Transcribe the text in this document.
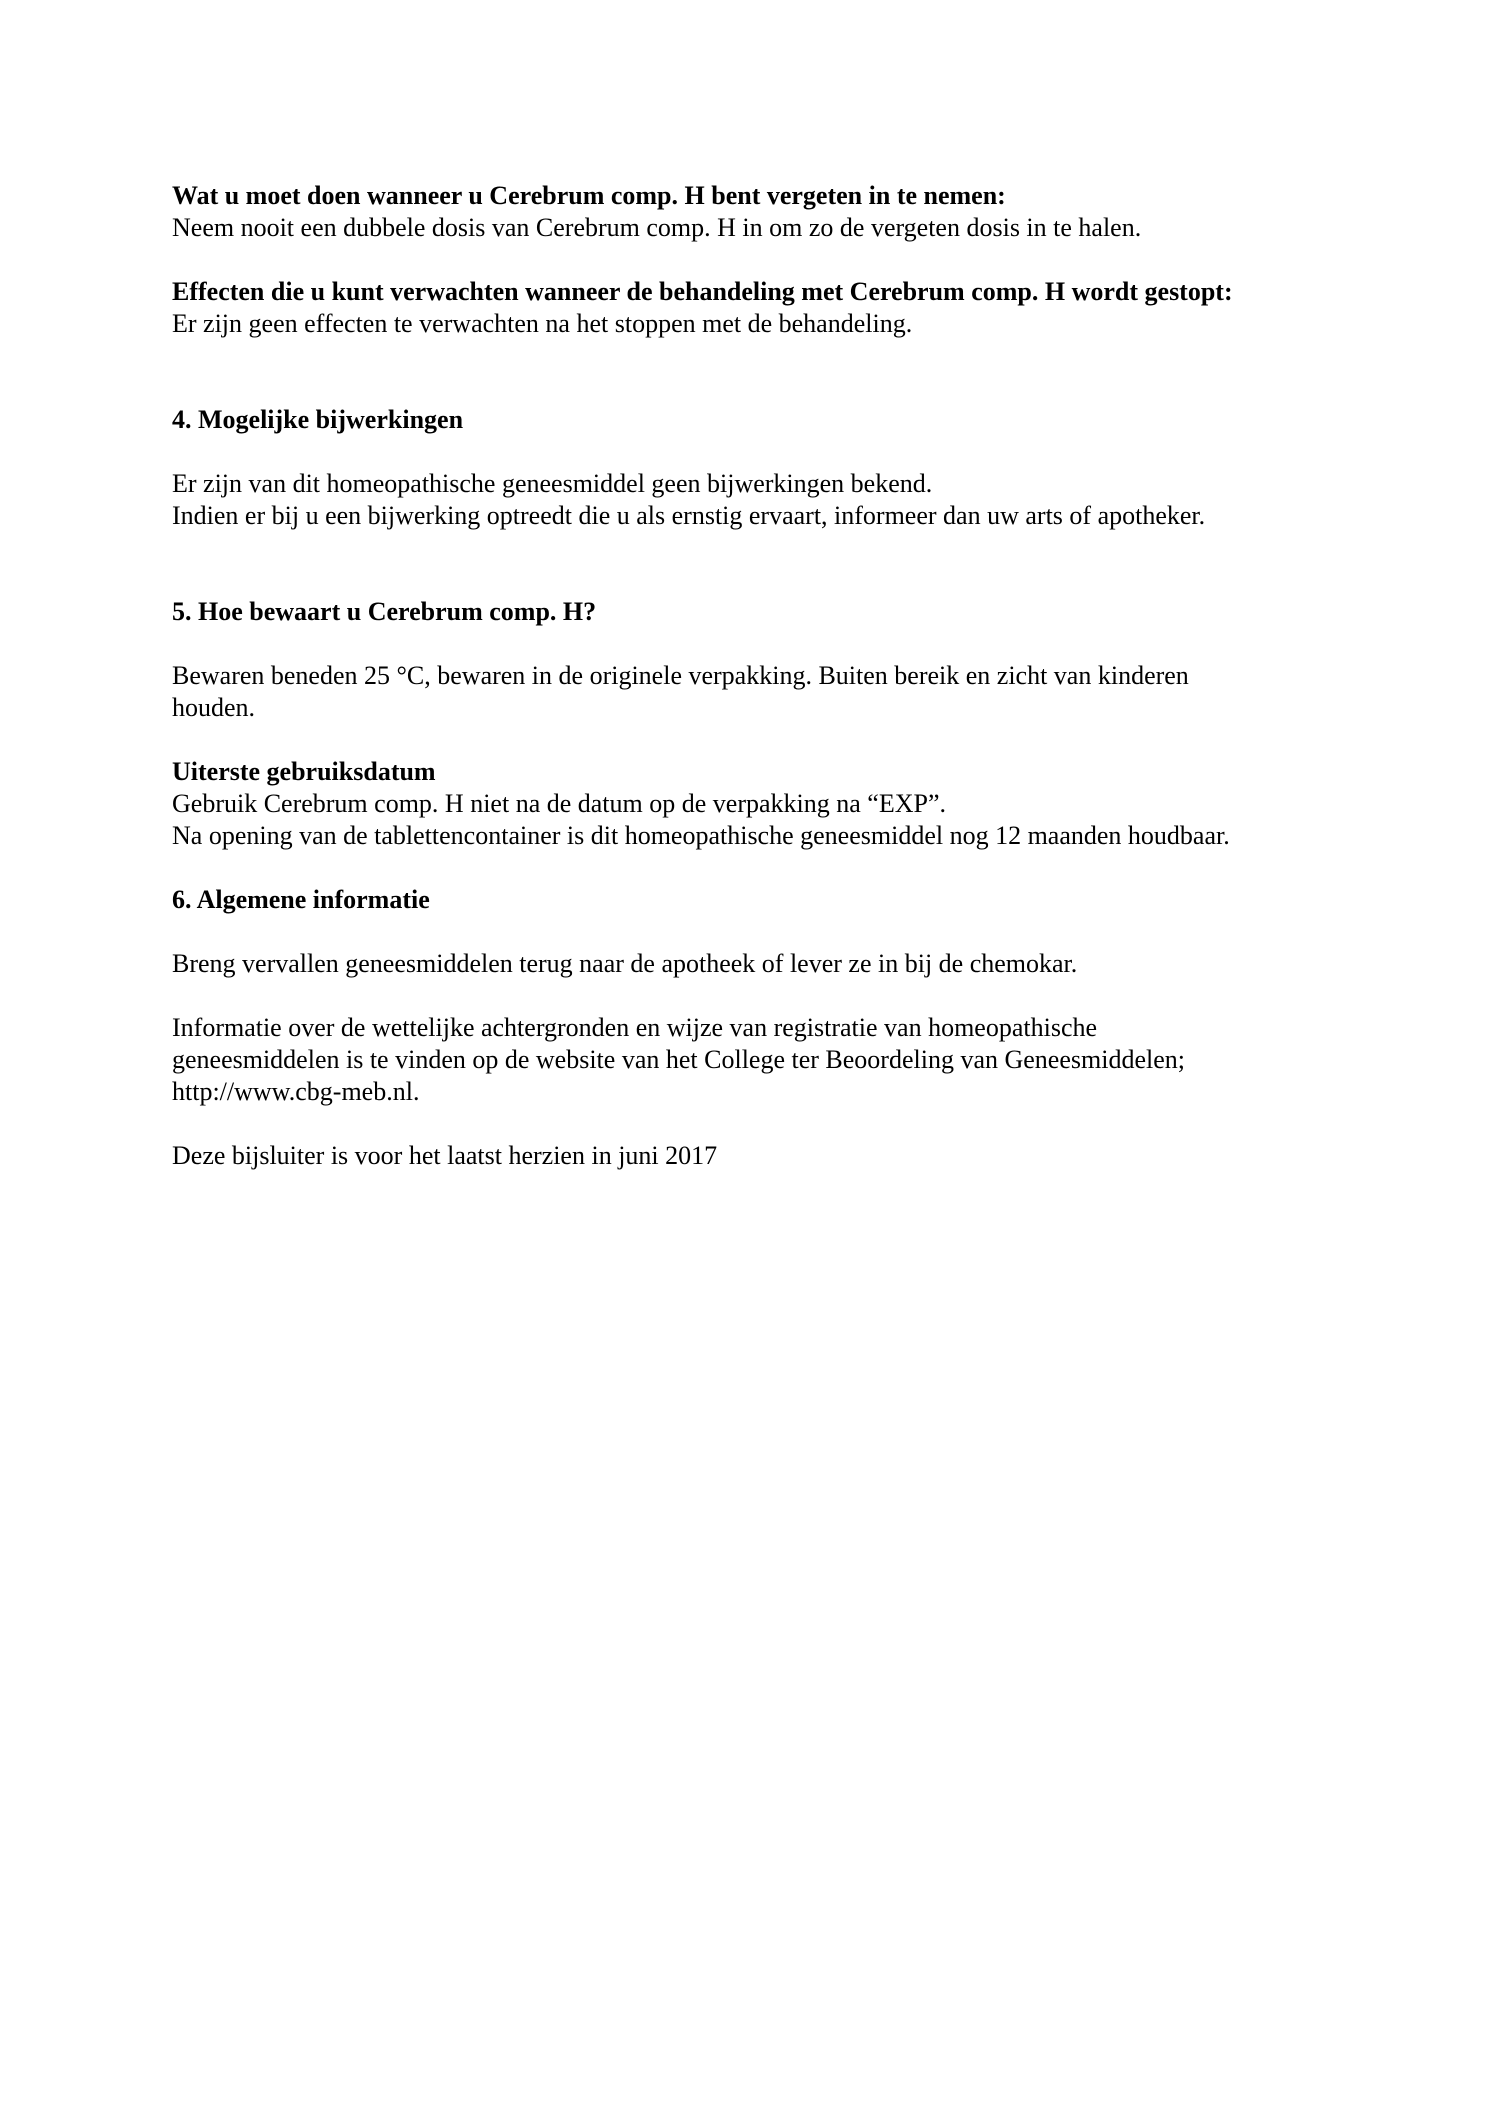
Wat u moet doen wanneer u Cerebrum comp. H bent vergeten in te nemen:
Neem nooit een dubbele dosis van Cerebrum comp. H in om zo de vergeten dosis in te halen.
Effecten die u kunt verwachten wanneer de behandeling met Cerebrum comp. H wordt gestopt:
Er zijn geen effecten te verwachten na het stoppen met de behandeling.
4. Mogelijke bijwerkingen
Er zijn van dit homeopathische geneesmiddel geen bijwerkingen bekend.
Indien er bij u een bijwerking optreedt die u als ernstig ervaart, informeer dan uw arts of apotheker.
5. Hoe bewaart u Cerebrum comp. H?
Bewaren beneden 25 °C, bewaren in de originele verpakking. Buiten bereik en zicht van kinderen
houden.
Uiterste gebruiksdatum
Gebruik Cerebrum comp. H niet na de datum op de verpakking na “EXP”.
Na opening van de tablettencontainer is dit homeopathische geneesmiddel nog 12 maanden houdbaar.
6. Algemene informatie
Breng vervallen geneesmiddelen terug naar de apotheek of lever ze in bij de chemokar.
Informatie over de wettelijke achtergronden en wijze van registratie van homeopathische
geneesmiddelen is te vinden op de website van het College ter Beoordeling van Geneesmiddelen;
http://www.cbg-meb.nl.
Deze bijsluiter is voor het laatst herzien in juni 2017
